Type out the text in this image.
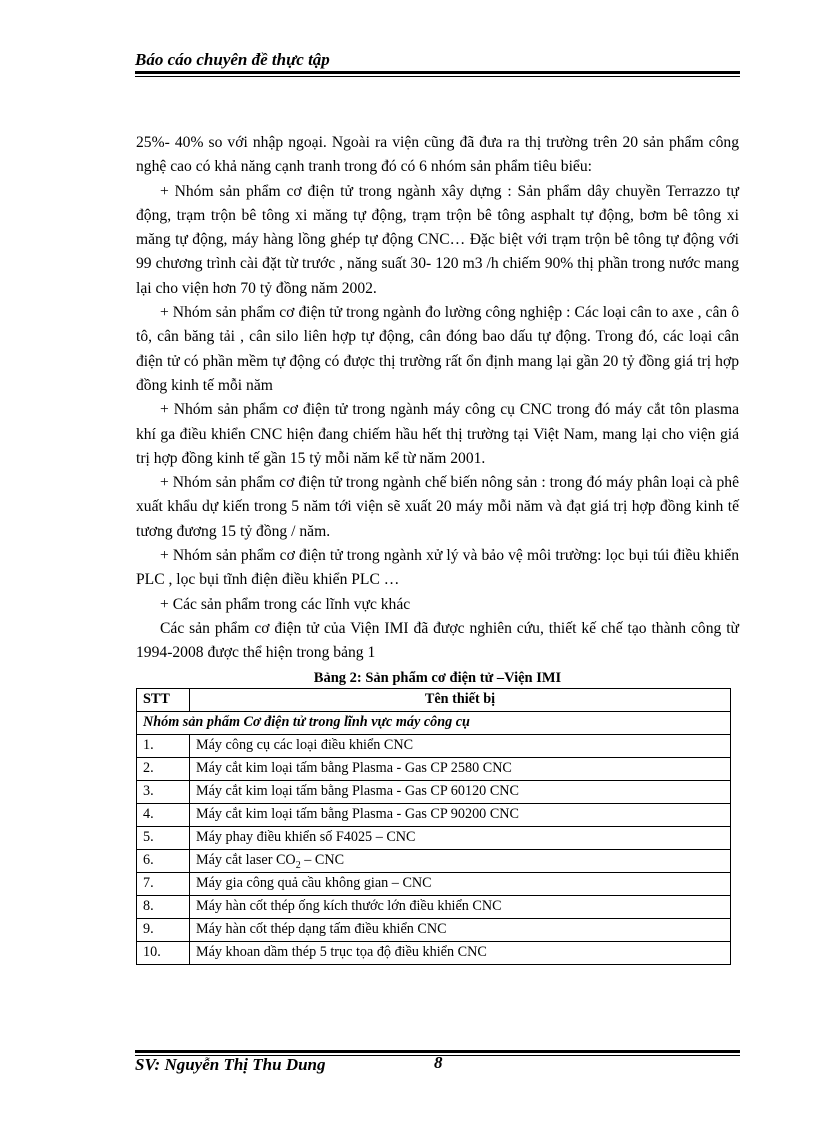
Báo cáo chuyên đề thực tập

25%- 40% so với nhập ngoại. Ngoài ra viện cũng đã đưa ra thị trường trên 20 sản phẩm công nghệ cao có khả năng cạnh tranh trong đó có 6 nhóm sản phẩm tiêu biểu:

+ Nhóm sản phẩm cơ điện tử trong ngành xây dựng : Sản phẩm dây chuyền Terrazzo tự động, trạm trộn bê tông xi măng tự động, trạm trộn bê tông asphalt tự động, bơm bê tông xi măng tự động, máy hàng lồng ghép tự động CNC… Đặc biệt với trạm trộn bê tông tự động với 99 chương trình cài đặt từ trước , năng suất 30- 120 m3 /h chiếm 90% thị phần trong nước mang lại cho viện hơn 70 tỷ đồng năm 2002.

+ Nhóm sản phẩm cơ điện tử trong ngành đo lường công nghiệp : Các loại cân to axe , cân ô tô, cân băng tải , cân silo liên hợp tự động, cân đóng bao dấu tự động. Trong đó, các loại cân điện tử có phần mềm tự động có được thị trường rất ổn định mang lại gần 20 tỷ đồng giá trị hợp đồng kinh tế mỗi năm

+ Nhóm sản phẩm cơ điện tử trong ngành máy công cụ CNC trong đó máy cắt tôn plasma khí ga điều khiển CNC hiện đang chiếm hầu hết thị trường tại Việt Nam, mang lại cho viện giá trị hợp đồng kinh tế gần 15 tỷ mỗi năm kể từ năm 2001.

+ Nhóm sản phẩm cơ điện tử trong ngành chế biến nông sản : trong đó máy phân loại cà phê xuất khẩu dự kiến trong 5 năm tới viện sẽ xuất 20 máy mỗi năm và đạt giá trị hợp đồng kinh tế tương đương 15 tỷ đồng / năm.

+ Nhóm sản phẩm cơ điện tử trong ngành xử lý và bảo vệ môi trường: lọc bụi túi điều khiển PLC , lọc bụi tĩnh điện điều khiển PLC …

+ Các sản phẩm trong các lĩnh vực khác

Các sản phẩm cơ điện tử của Viện IMI đã được nghiên cứu, thiết kế chế tạo thành công từ 1994-2008 được thể hiện trong bảng 1

Bảng 2: Sản phẩm cơ điện tử –Viện IMI
STT	Tên thiết bị
Nhóm sản phẩm Cơ điện tử trong lĩnh vực máy công cụ	
1.	Máy công cụ các loại điều khiển CNC
2.	Máy cắt kim loại tấm bằng Plasma - Gas CP 2580 CNC
3.	Máy cắt kim loại tấm bằng Plasma - Gas CP 60120 CNC
4.	Máy cắt kim loại tấm bằng Plasma - Gas CP 90200 CNC
5.	Máy phay điều khiển số F4025 – CNC
6.	Máy cắt laser $CO_2$ – CNC
7.	Máy gia công quả cầu không gian – CNC
8.	Máy hàn cốt thép ống kích thước lớn điều khiển CNC
9.	Máy hàn cốt thép dạng tấm điều khiển CNC
10.	Máy khoan dầm thép 5 trục tọa độ điều khiển CNC
SV: Nguyễn Thị Thu Dung	8
